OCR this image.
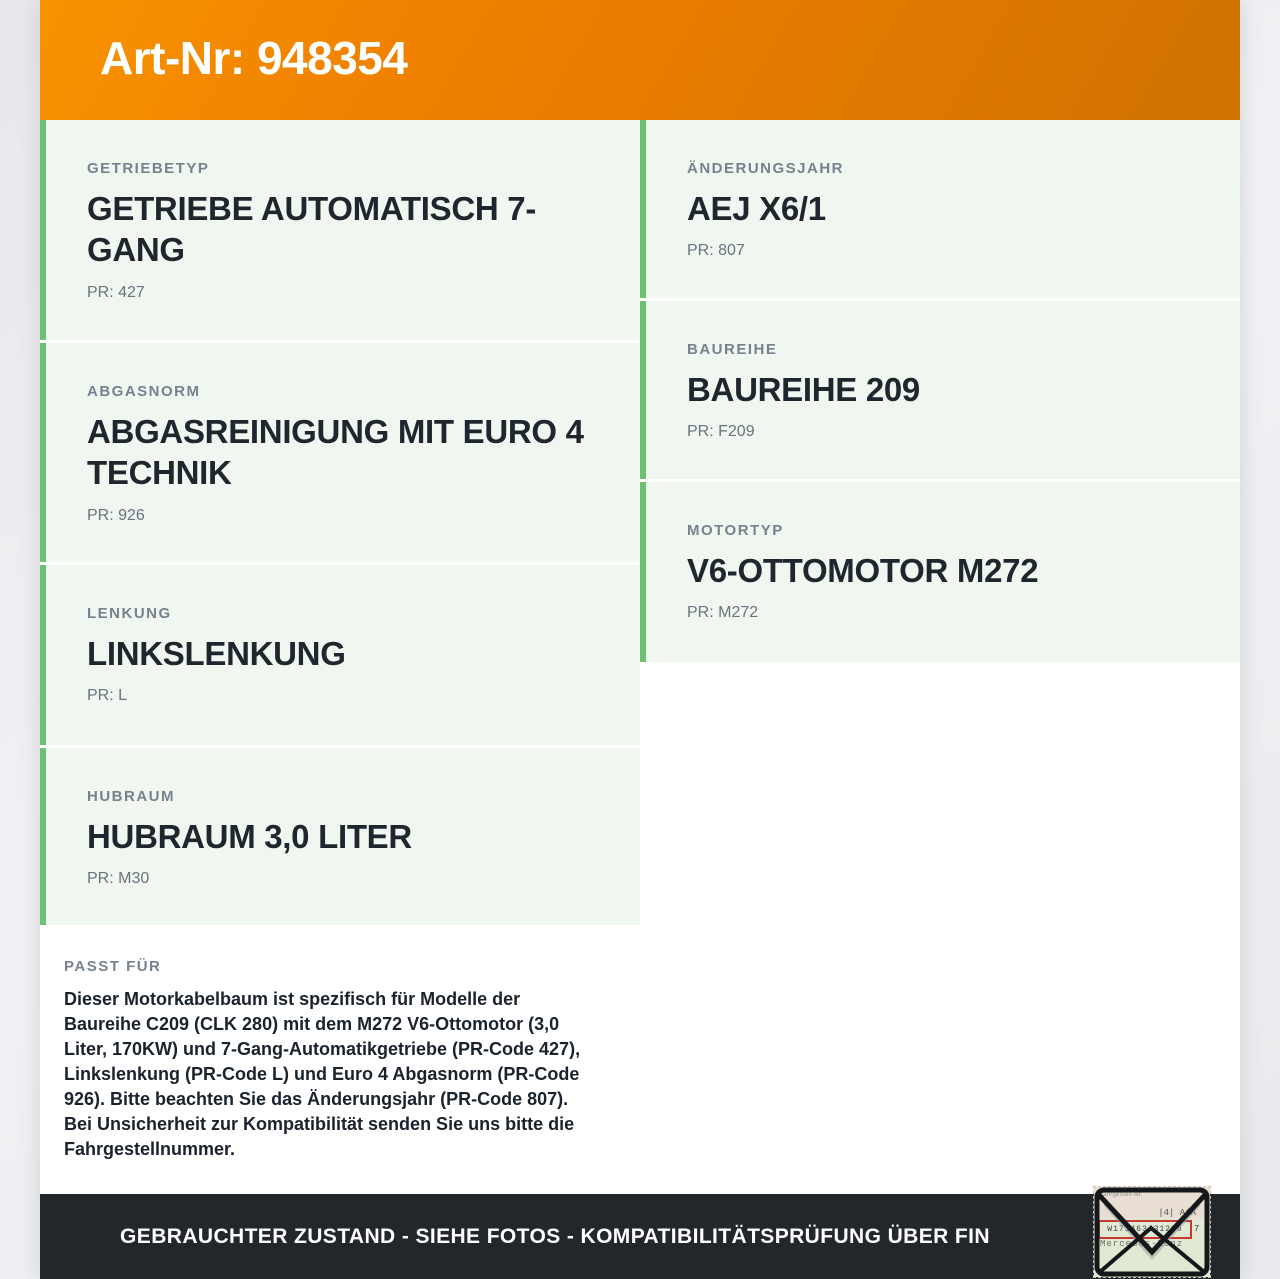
Art-Nr: 948354
GETRIEBETYP
GETRIEBE AUTOMATISCH 7-GANG
PR: 427
ABGASNORM
ABGASREINIGUNG MIT EURO 4 TECHNIK
PR: 926
LENKUNG
LINKSLENKUNG
PR: L
HUBRAUM
HUBRAUM 3,0 LITER
PR: M30
PASST FÜR
Dieser Motorkabelbaum ist spezifisch für Modelle der Baureihe C209 (CLK 280) mit dem M272 V6-Ottomotor (3,0 Liter, 170KW) und 7-Gang-Automatikgetriebe (PR-Code 427), Linkslenkung (PR-Code L) und Euro 4 Abgasnorm (PR-Code 926). Bitte beachten Sie das Änderungsjahr (PR-Code 807). Bei Unsicherheit zur Kompatibilität senden Sie uns bitte die Fahrgestellnummer.
ÄNDERUNGSJAHR
AEJ X6/1
PR: 807
BAUREIHE
BAUREIHE 209
PR: F209
MOTORTYP
V6-OTTOMOTOR M272
PR: M272
GEBRAUCHTER ZUSTAND - SIEHE FOTOS - KOMPATIBILITÄTSPRÜFUNG ÜBER FIN
Fahrgestell-Nr.
|4| AiA
W171463J31298 7
Mercedes-Benz
